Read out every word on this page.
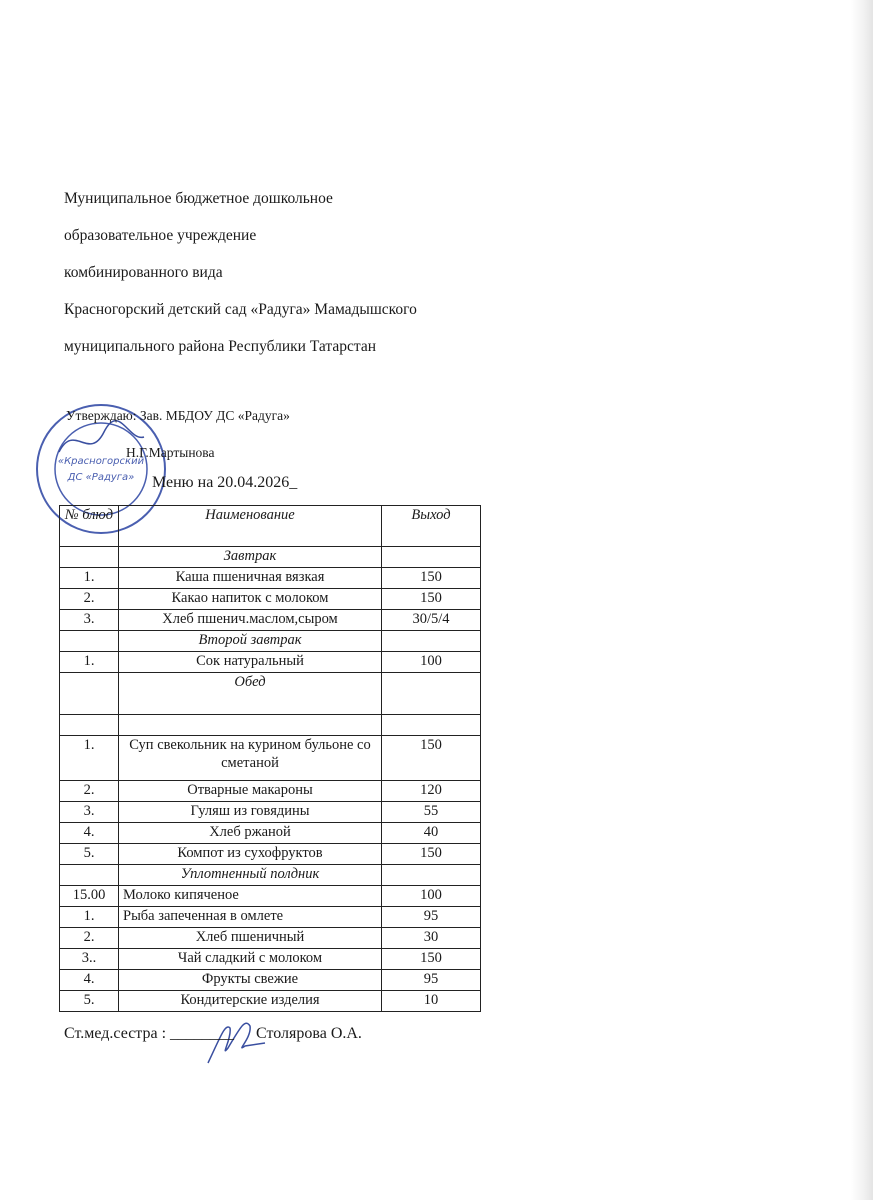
Муниципальное бюджетное дошкольное
образовательное учреждение
комбинированного вида
Красногорский детский сад «Радуга» Мамадышского
муниципального района Республики Татарстан
«Красногорский
ДС «Радуга»
Утверждаю: Зав. МБДОУ ДС «Радуга»
Н.Г.Мартынова
Меню на 20.04.2026_
№ блюд	Наименование	Выход
	Завтрак	
1.	Каша пшеничная вязкая	150
2.	Какао напиток с молоком	150
3.	Хлеб пшенич.маслом,сыром	30/5/4
	Второй завтрак	
1.	Сок натуральный	100
	Обед	

1.	Суп свекольник на курином бульоне со сметаной	150
2.	Отварные макароны	120
3.	Гуляш из говядины	55
4.	Хлеб ржаной	40
5.	Компот из сухофруктов	150
	Уплотненный полдник	
15.00	Молоко кипяченое	100
1.	Рыба запеченная в омлете	95
2.	Хлеб пшеничный	30
3..	Чай сладкий с молоком	150
4.	Фрукты свежие	95
5.	Кондитерские изделия	10
Ст.мед.сестра : ________ Столярова О.А.
